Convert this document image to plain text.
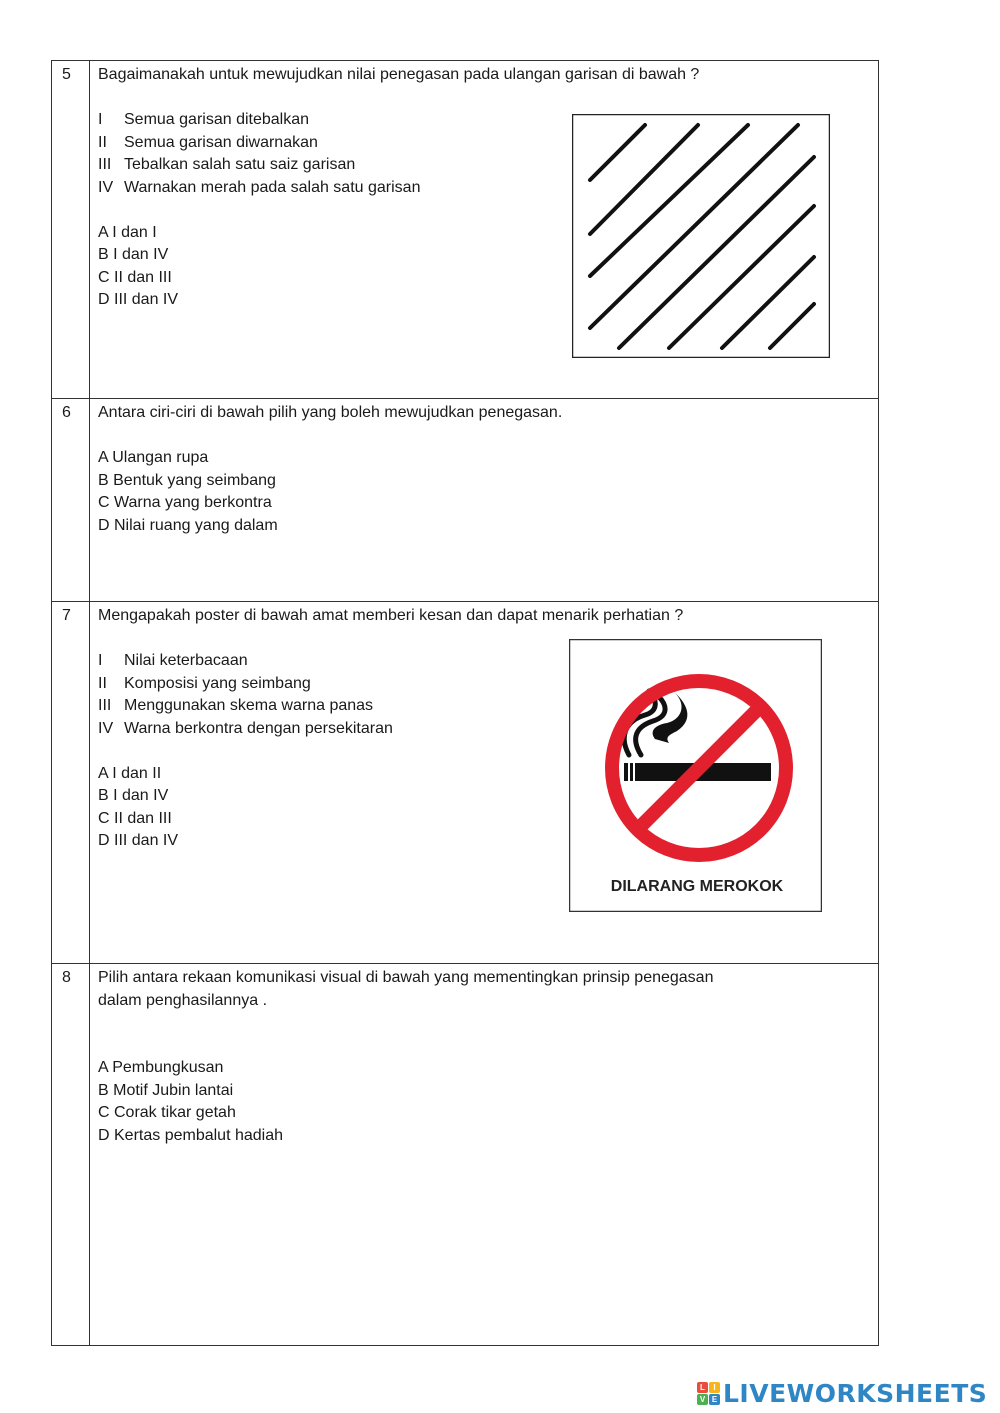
5 Bagaimanakah untuk mewujudkan nilai penegasan pada ulangan garisan di bawah ?

I Semua garisan ditebalkan

II Semua garisan diwarnakan

III Tebalkan salah satu saiz garisan

IV Warnakan merah pada salah satu garisan

A I dan I

B I dan IV

C II dan III

D III dan IV

6 Antara ciri-ciri di bawah pilih yang boleh mewujudkan penegasan.

A Ulangan rupa

B Bentuk yang seimbang

C Warna yang berkontra

D Nilai ruang yang dalam

7 Mengapakah poster di bawah amat memberi kesan dan dapat menarik perhatian ?

I Nilai keterbacaan

II Komposisi yang seimbang

III Menggunakan skema warna panas

IV Warna berkontra dengan persekitaran

A I dan II

B I dan IV

C II dan III

D III dan IV

DILARANG MEROKOK
8 Pilih antara rekaan komunikasi visual di bawah yang mementingkan prinsip penegasan

dalam penghasilannya .

A Pembungkusan

B Motif Jubin lantai

C Corak tikar getah

D Kertas pembalut hadiah

L	I
V E LIVEWORKSHEETS
